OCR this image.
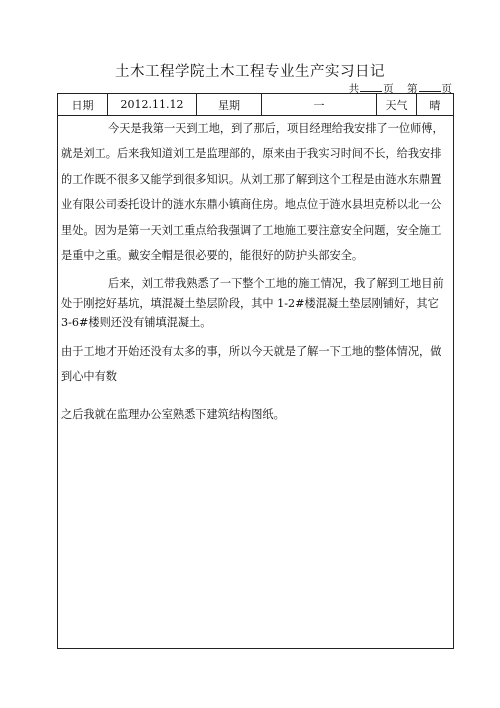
土木工程学院土木工程专业生产实习日记
共 页 第 页
日期	2012.11.12	星期	一	天气	晴

今天是我第一天到工地，到了那后，项目经理给我安排了一位师傅，就是刘工。后来我知道刘工是监理部的，原来由于我实习时间不长，给我安排的工作既不很多又能学到很多知识。从刘工那了解到这个工程是由涟水东鼎置业有限公司委托设计的涟水东鼎小镇商住房。地点位于涟水县坦克桥以北一公里处。因为是第一天刘工重点给我强调了工地施工要注意安全问题，安全施工是重中之重。戴安全帽是很必要的，能很好的防护头部安全。

后来，刘工带我熟悉了一下整个工地的施工情况，我了解到工地目前处于刚挖好基坑，填混凝土垫层阶段，其中 1-2#楼混凝土垫层刚铺好，其它 3-6#楼则还没有铺填混凝土。

由于工地才开始还没有太多的事，所以今天就是了解一下工地的整体情况，做到心中有数

之后我就在监理办公室熟悉下建筑结构图纸。
